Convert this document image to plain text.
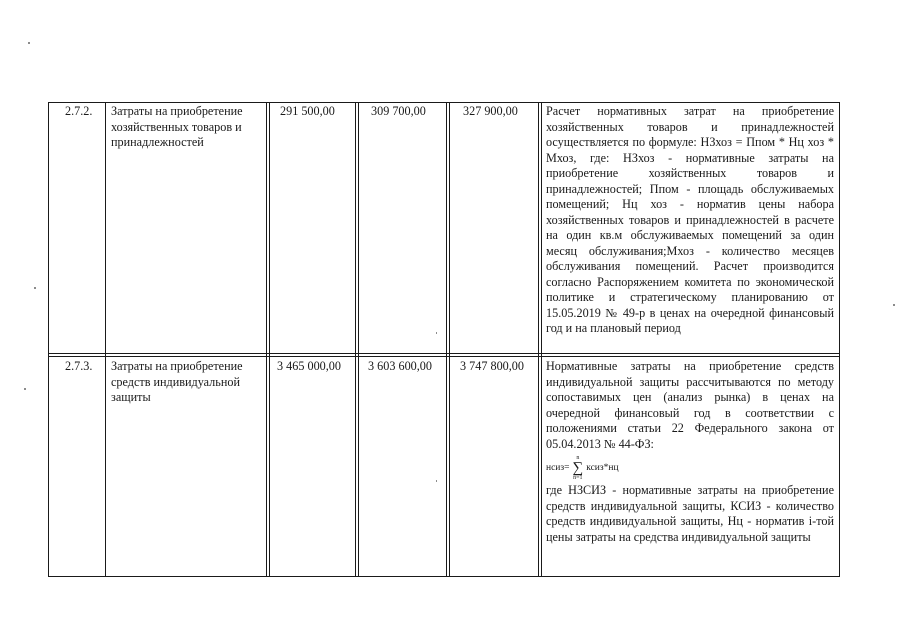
2.7.2. Затраты на приобретение хозяйственных товаров и принадлежностей
291 500,00	309 700,00	327 900,00 Расчет нормативных затрат на приобретение хозяйственных товаров и принадлежностей осуществляется по формуле: НЗхоз = Ппом * Нц хоз * Мхоз, где: НЗхоз - нормативные затраты на приобретение хозяйственных товаров и принадлежностей; Ппом - площадь обслуживаемых помещений; Нц хоз - норматив цены набора хозяйственных товаров и принадлежностей в расчете на один кв.м обслуживаемых помещений за один месяц обслуживания;Мхоз - количество месяцев обслуживания помещений. Расчет производится согласно Распоряжением комитета по экономической политике и стратегическому планированию от 15.05.2019 № 49-р в ценах на очередной финансовый год и на плановый период

2.7.3. Затраты на приобретение средств индивидуальной защиты
3 465 000,00 3 603 600,00 3 747 800,00 Нормативные затраты на приобретение средств индивидуальной защиты рассчитываются по методу сопоставимых цен (анализ рынка) в ценах на очередной финансовый год в соответствии с положениями статьи 22 Федерального закона от 05.04.2013 № 44-ФЗ:

нсиз=
n
∑
n=1
ксиз*нц

где НЗСИЗ - нормативные затраты на приобретение средств индивидуальной защиты, КСИЗ - количество средств индивидуальной защиты, Нц - норматив i-той цены затраты на средства индивидуальной защиты
